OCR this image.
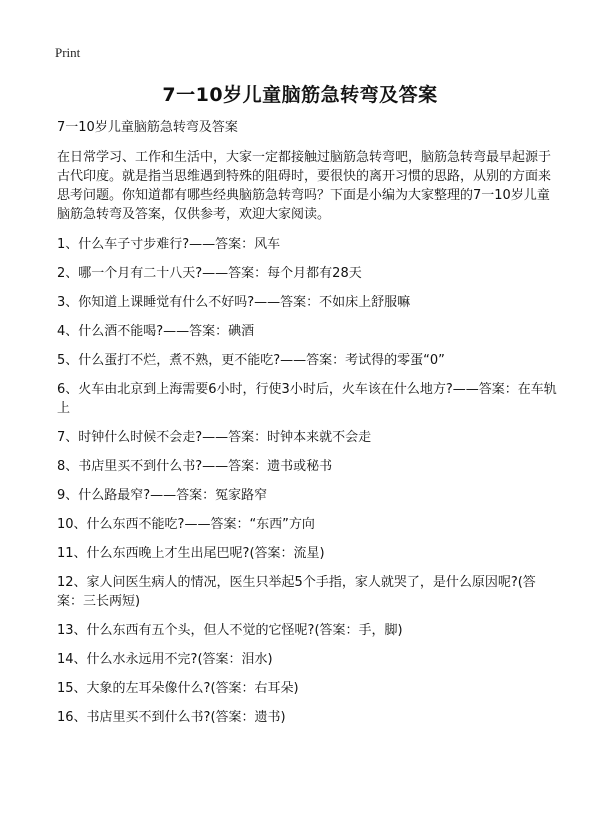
Print
7一10岁儿童脑筋急转弯及答案

7一10岁儿童脑筋急转弯及答案

在日常学习、工作和生活中，大家一定都接触过脑筋急转弯吧，脑筋急转弯最早起源于古代印度。就是指当思维遇到特殊的阻碍时，要很快的离开习惯的思路，从别的方面来思考问题。你知道都有哪些经典脑筋急转弯吗？下面是小编为大家整理的7一10岁儿童脑筋急转弯及答案，仅供参考，欢迎大家阅读。

1、什么车子寸步难行?——答案：风车
2、哪一个月有二十八天?——答案：每个月都有28天
3、你知道上课睡觉有什么不好吗?——答案：不如床上舒服嘛
4、什么酒不能喝?——答案：碘酒
5、什么蛋打不烂，煮不熟，更不能吃?——答案：考试得的零蛋“0”
6、火车由北京到上海需要6小时，行使3小时后，火车该在什么地方?——答案：在车轨上
7、时钟什么时候不会走?——答案：时钟本来就不会走
8、书店里买不到什么书?——答案：遗书或秘书
9、什么路最窄?——答案：冤家路窄
10、什么东西不能吃?——答案：“东西”方向
11、什么东西晚上才生出尾巴呢?(答案：流星)
12、家人问医生病人的情况，医生只举起5个手指，家人就哭了，是什么原因呢?(答案：三长两短)
13、什么东西有五个头，但人不觉的它怪呢?(答案：手，脚)
14、什么水永远用不完?(答案：泪水)
15、大象的左耳朵像什么?(答案：右耳朵)
16、书店里买不到什么书?(答案：遗书)
